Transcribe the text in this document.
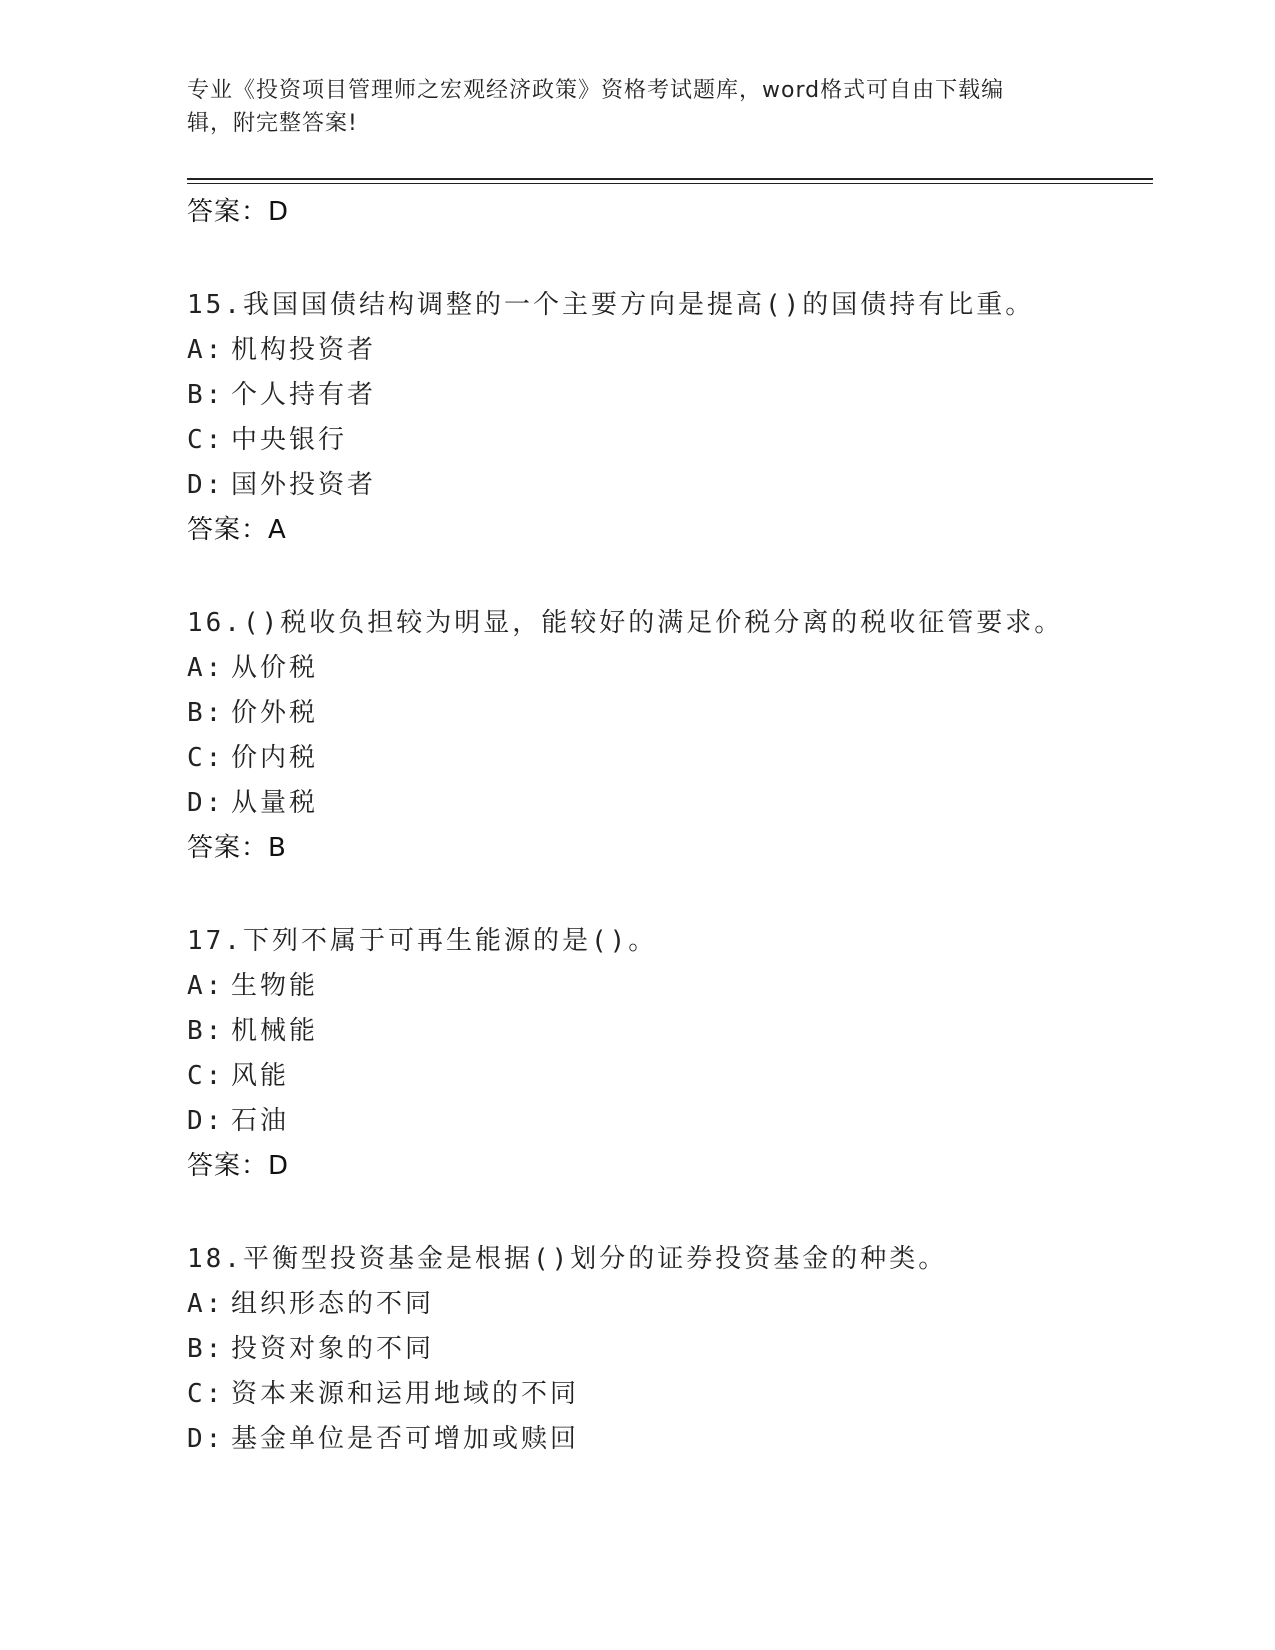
专业《投资项目管理师之宏观经济政策》资格考试题库，word格式可自由下载编
辑，附完整答案!
答案：D
15.我国国债结构调整的一个主要方向是提高()的国债持有比重。
A: 机构投资者
B: 个人持有者
C: 中央银行
D: 国外投资者
答案：A
16.()税收负担较为明显，能较好的满足价税分离的税收征管要求。
A: 从价税
B: 价外税
C: 价内税
D: 从量税
答案：B
17.下列不属于可再生能源的是()。
A: 生物能
B: 机械能
C: 风能
D: 石油
答案：D
18.平衡型投资基金是根据()划分的证券投资基金的种类。
A: 组织形态的不同
B: 投资对象的不同
C: 资本来源和运用地域的不同
D: 基金单位是否可增加或赎回
